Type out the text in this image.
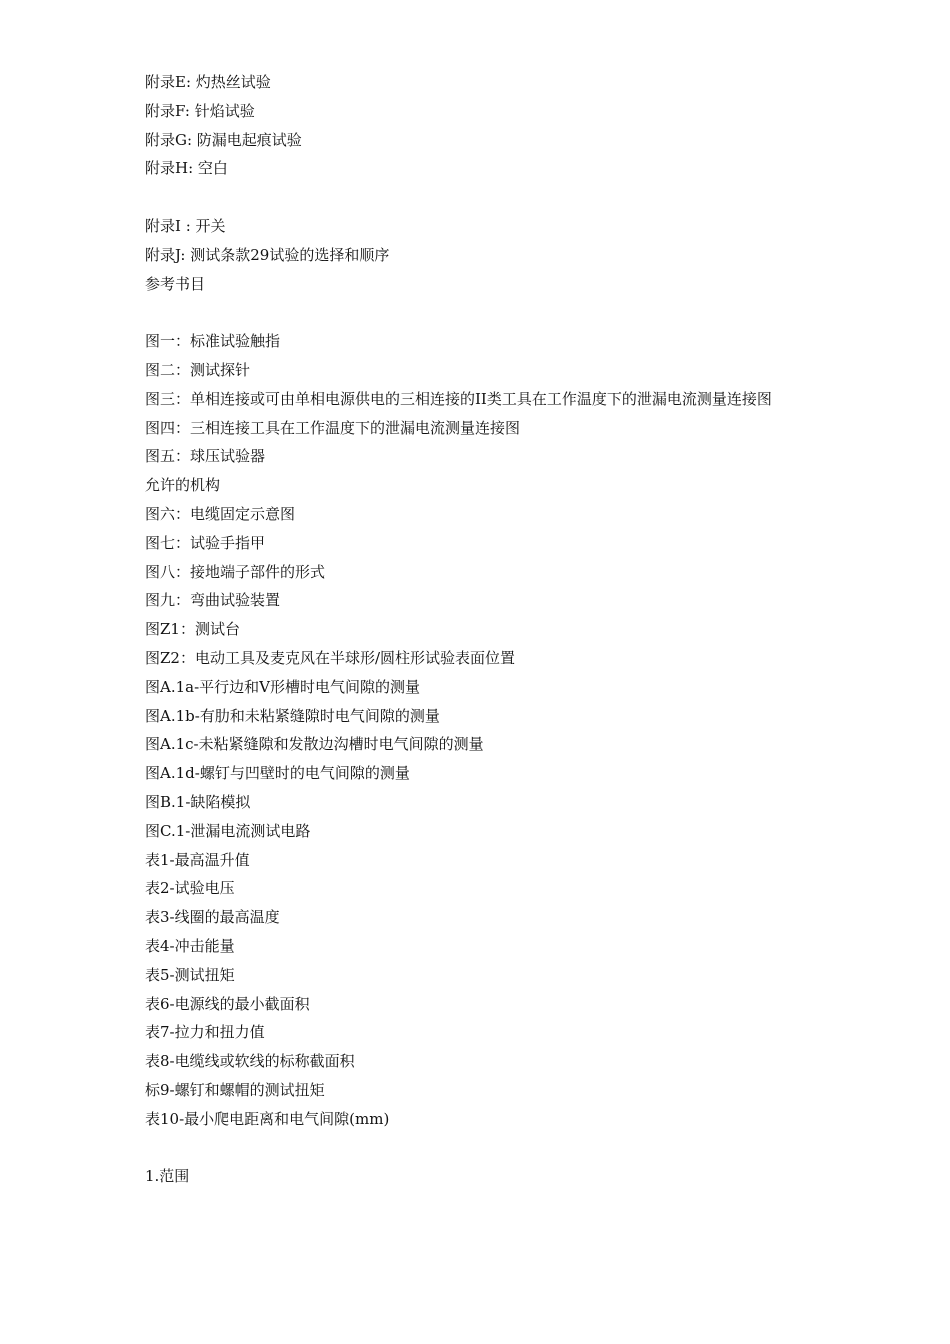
附录E: 灼热丝试验
附录F: 针焰试验
附录G: 防漏电起痕试验
附录H: 空白
附录I : 开关
附录J: 测试条款29试验的选择和顺序
参考书目
图一：标准试验触指
图二：测试探针
图三：单相连接或可由单相电源供电的三相连接的II类工具在工作温度下的泄漏电流测量连接图
图四：三相连接工具在工作温度下的泄漏电流测量连接图
图五：球压试验器
允许的机构
图六：电缆固定示意图
图七：试验手指甲
图八：接地端子部件的形式
图九：弯曲试验装置
图Z1：测试台
图Z2：电动工具及麦克风在半球形/圆柱形试验表面位置
图A.1a-平行边和V形槽时电气间隙的测量
图A.1b-有肋和未粘紧缝隙时电气间隙的测量
图A.1c-未粘紧缝隙和发散边沟槽时电气间隙的测量
图A.1d-螺钉与凹壁时的电气间隙的测量
图B.1-缺陷模拟
图C.1-泄漏电流测试电路
表1-最高温升值
表2-试验电压
表3-线圈的最高温度
表4-冲击能量
表5-测试扭矩
表6-电源线的最小截面积
表7-拉力和扭力值
表8-电缆线或软线的标称截面积
标9-螺钉和螺帽的测试扭矩
表10-最小爬电距离和电气间隙(mm)
1.范围
